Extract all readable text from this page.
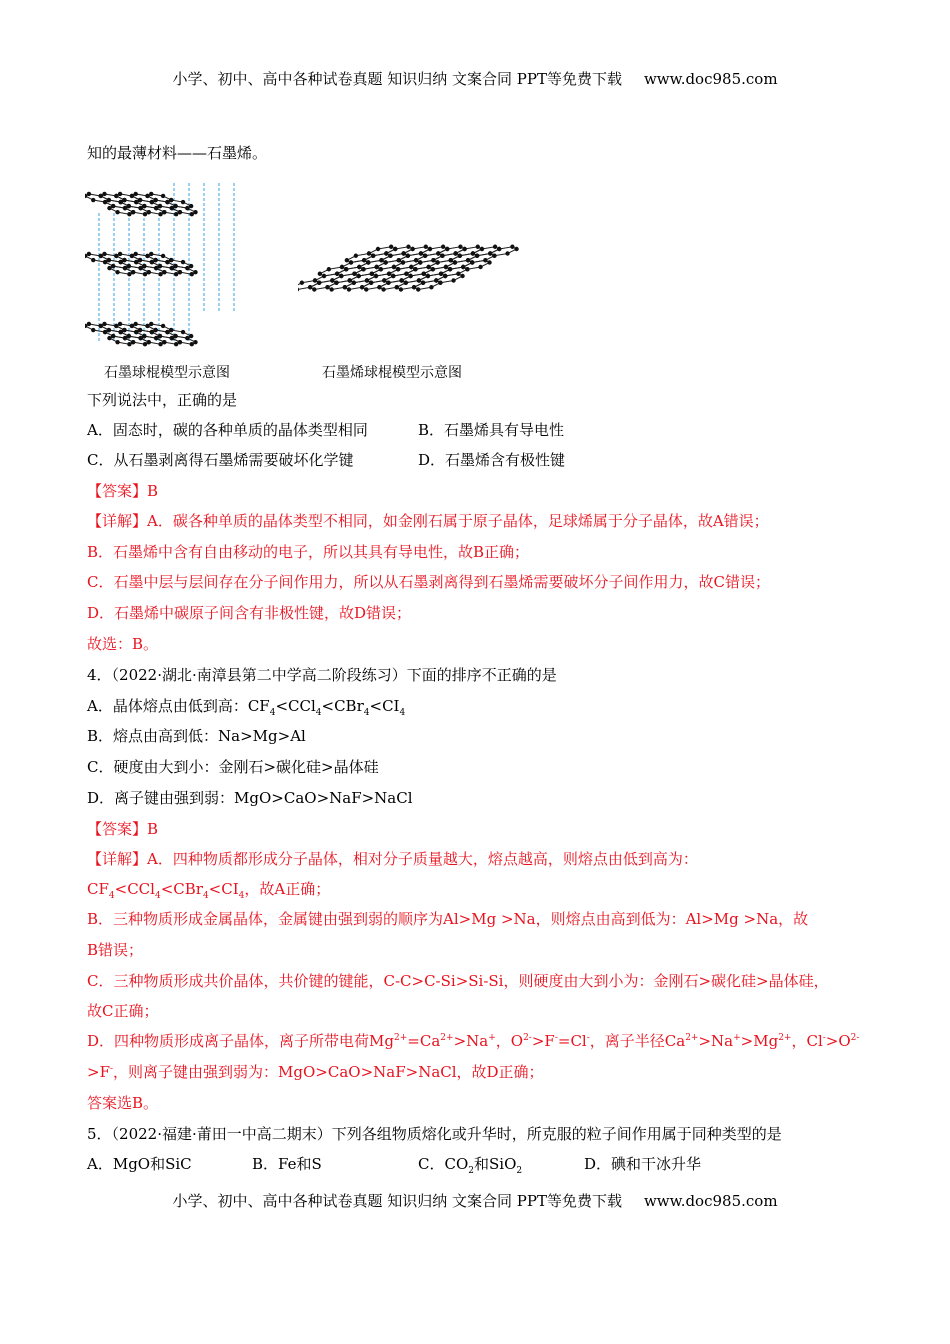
小学、初中、高中各种试卷真题 知识归纳 文案合同 PPT等免费下载 www.doc985.com
石墨球棍模型示意图	石墨烯球棍模型示意图
知的最薄材料——石墨烯。
下列说法中，正确的是
A．固态时，碳的各种单质的晶体类型相同	B．石墨烯具有导电性
C．从石墨剥离得石墨烯需要破坏化学键	D．石墨烯含有极性键
【答案】B
【详解】A．碳各种单质的晶体类型不相同，如金刚石属于原子晶体，足球烯属于分子晶体，故A错误；
B．石墨烯中含有自由移动的电子，所以其具有导电性，故B正确；
C．石墨中层与层间存在分子间作用力，所以从石墨剥离得到石墨烯需要破坏分子间作用力，故C错误；
D．石墨烯中碳原子间含有非极性键，故D错误；
故选：B。
4．（2022·湖北·南漳县第二中学高二阶段练习）下面的排序不正确的是
A．晶体熔点由低到高：$CF_4<CCl_4<CBr_4<CI_4$
B．熔点由高到低：Na>Mg>Al
C．硬度由大到小：金刚石>碳化硅>晶体硅
D．离子键由强到弱：MgO>CaO>NaF>NaCl
【答案】B
【详解】A．四种物质都形成分子晶体，相对分子质量越大，熔点越高，则熔点由低到高为：
$CF_4<CCl_4<CBr_4<CI_4$，故A正确；
B．三种物质形成金属晶体，金属键由强到弱的顺序为Al>Mg >Na，则熔点由高到低为：Al>Mg >Na，故
B错误；
C．三种物质形成共价晶体，共价键的键能，C-C>C-Si>Si-Si，则硬度由大到小为：金刚石>碳化硅>晶体硅，
故C正确；
D．四种物质形成离子晶体，离子所带电荷$Mg^{2+}=Ca^{2+}>Na^+$，$O^{2-}>F^-=Cl^-$，离子半径$Ca^{2+}>Na^+>Mg^{2+}$，$Cl^->O^{2-}$
>F-，则离子键由强到弱为：MgO>CaO>NaF>NaCl，故D正确；
答案选B。
5．（2022·福建·莆田一中高二期末）下列各组物质熔化或升华时，所克服的粒子间作用属于同种类型的是
A．MgO和SiC	B．Fe和S	C．$CO_2$和SiO$_2$	D．碘和干冰升华
小学、初中、高中各种试卷真题 知识归纳 文案合同 PPT等免费下载 www.doc985.com
